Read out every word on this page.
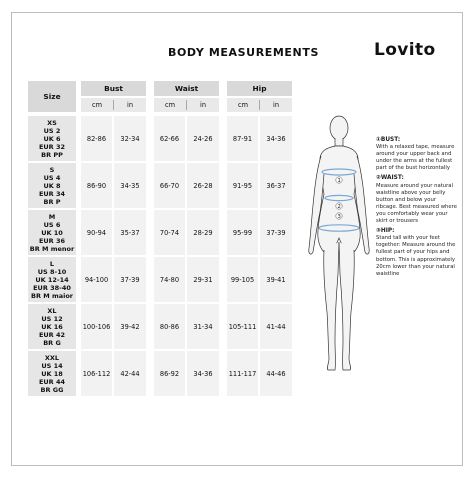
BODY MEASUREMENTS	Lovito
Size
Bust
cm	in
Waist
cm	in
Hip
cm	in
XS
US 2
UK 6
EUR 32
BR PP
82-86	32-34	62-66	24-26	87-91	34-36
S
US 4
UK 8
EUR 34
BR P
86-90	34-35	66-70	26-28	91-95	36-37
M
US 6
UK 10
EUR 36
BR M menor
90-94	35-37	70-74	28-29	95-99	37-39
L
US 8-10
UK 12-14
EUR 38-40
BR M maior
94-100	37-39	74-80	29-31	99-105	39-41
XL
US 12
UK 16
EUR 42
BR G
100-106	39-42	80-86	31-34	105-111	41-44
XXL
US 14
UK 18
EUR 44
BR GG
106-112	42-44	86-92	34-36	111-117	44-46
1
2
3
①BUST:
With a relaxed tape, measure around your upper back and under the arms at the fullest part of the bust horizontally
②WAIST:
Measure around your natural waistline above your belly button and below your ribcage. Best measured where you comfortably wear your skirt or trousers
③HIP:
Stand tall with your feet together: Measure around the fullest part of your hips and bottom. This is approximately 20cm lower than your natural waistline
